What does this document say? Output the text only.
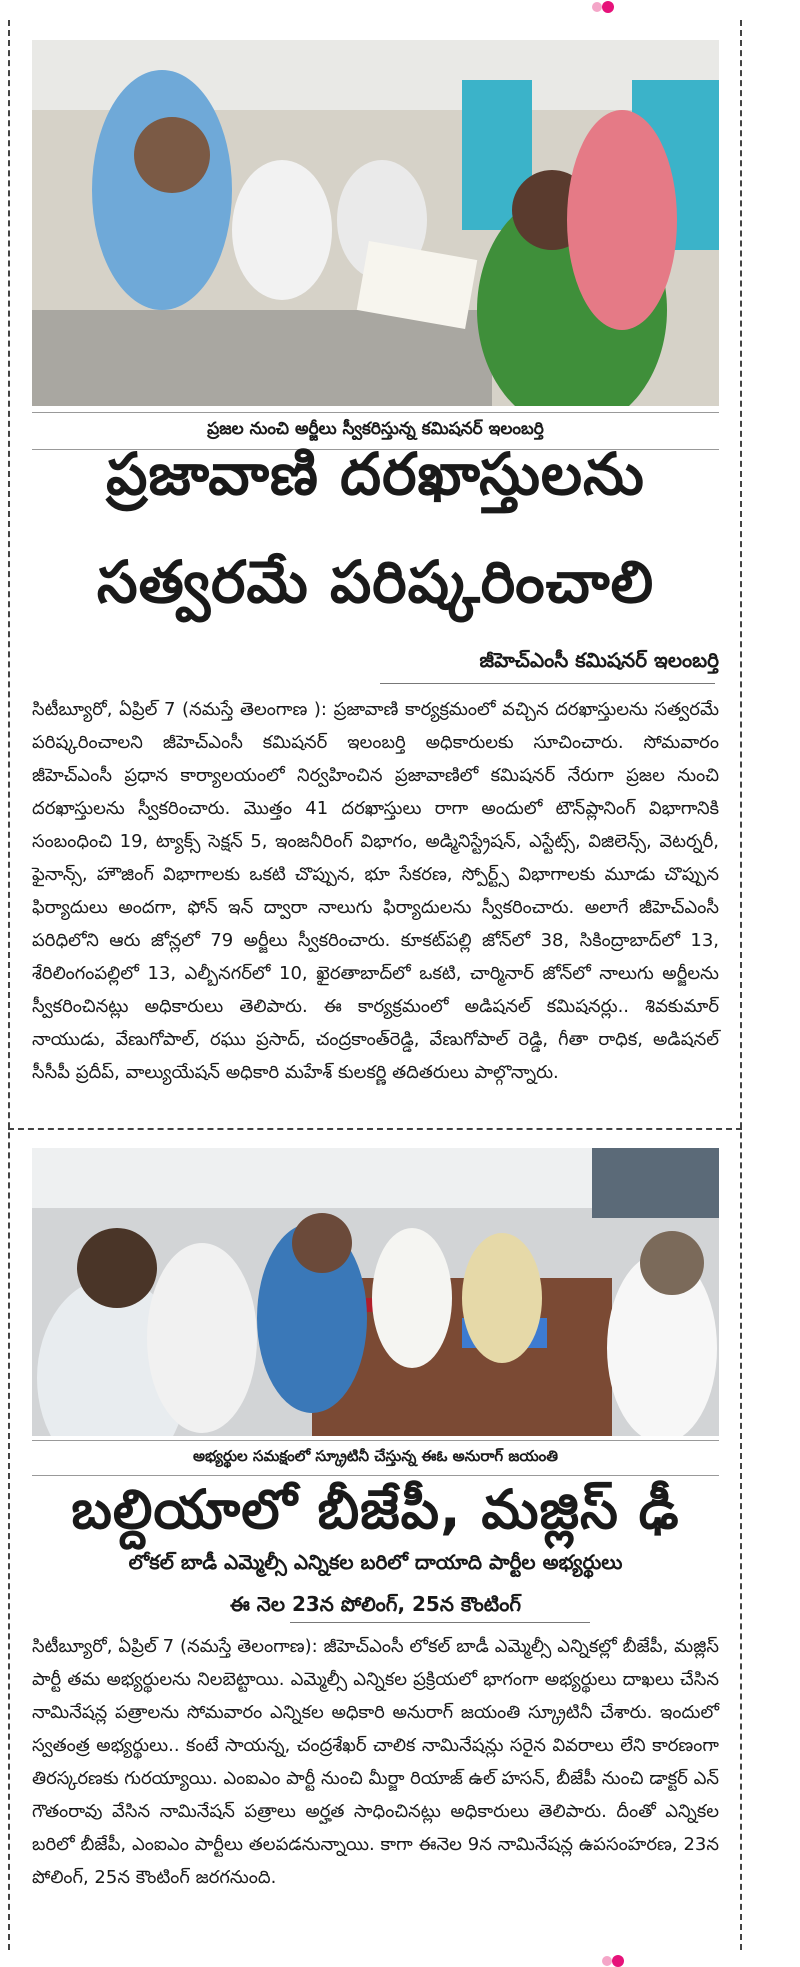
ప్రజల నుంచి అర్జీలు స్వీకరిస్తున్న కమిషనర్ ఇలంబర్తి
ప్రజావాణి దరఖాస్తులను
సత్వరమే పరిష్కరించాలి
జీహెచ్ఎంసీ కమిషనర్ ఇలంబర్తి
సిటీబ్యూరో, ఏప్రిల్ 7 (నమస్తే తెలంగాణ ): ప్రజావాణి కార్యక్రమంలో వచ్చిన దరఖాస్తులను సత్వరమే పరిష్కరించాలని జీహెచ్ఎంసీ కమిషనర్ ఇలంబర్తి అధికారులకు సూచించారు. సోమవారం జీహెచ్ఎంసీ ప్రధాన కార్యాలయంలో నిర్వహించిన ప్రజావాణిలో కమిషనర్ నేరుగా ప్రజల నుంచి దరఖాస్తులను స్వీకరించారు. మొత్తం 41 దరఖాస్తులు రాగా అందులో టౌన్‌ప్లానింగ్ విభాగానికి సంబంధించి 19, ట్యాక్స్ సెక్షన్ 5, ఇంజనీరింగ్ విభాగం, అడ్మినిస్ట్రేషన్, ఎస్టేట్స్, విజిలెన్స్, వెటర్నరీ, ఫైనాన్స్, హౌజింగ్ విభాగాలకు ఒకటి చొప్పున, భూ సేకరణ, స్పోర్ట్స్ విభాగాలకు మూడు చొప్పున ఫిర్యాదులు అందగా, ఫోన్ ఇన్ ద్వారా నాలుగు ఫిర్యాదులను స్వీకరించారు. అలాగే జీహెచ్ఎంసీ పరిధిలోని ఆరు జోన్లలో 79 అర్జీలు స్వీకరించారు. కూకట్‌పల్లి జోన్‌లో 38, సికింద్రాబాద్‌లో 13, శేరిలింగంపల్లిలో 13, ఎల్బీనగర్‌లో 10, ఖైరతాబాద్‌లో ఒకటి, చార్మినార్ జోన్‌లో నాలుగు అర్జీలను స్వీకరించినట్లు అధికారులు తెలిపారు. ఈ కార్యక్రమంలో అడిషనల్ కమిషనర్లు.. శివకుమార్ నాయుడు, వేణుగోపాల్, రఘు ప్రసాద్, చంద్రకాంత్‌రెడ్డి, వేణుగోపాల్ రెడ్డి, గీతా రాధిక, అడిషనల్ సీసీపీ ప్రదీప్, వాల్యుయేషన్ అధికారి మహేశ్ కులకర్ణి తదితరులు పాల్గొన్నారు.
అభ్యర్థుల సమక్షంలో స్క్రూటినీ చేస్తున్న ఈఓ అనురాగ్ జయంతి
బల్దియాలో బీజేపీ, మజ్లిస్ ఢీ
లోకల్ బాడీ ఎమ్మెల్సీ ఎన్నికల బరిలో దాయాది పార్టీల అభ్యర్థులు
ఈ నెల 23న పోలింగ్, 25న కౌంటింగ్
సిటీబ్యూరో, ఏప్రిల్ 7 (నమస్తే తెలంగాణ): జీహెచ్ఎంసీ లోకల్ బాడీ ఎమ్మెల్సీ ఎన్నికల్లో బీజేపీ, మజ్లిస్ పార్టీ తమ అభ్యర్థులను నిలబెట్టాయి. ఎమ్మెల్సీ ఎన్నికల ప్రక్రియలో భాగంగా అభ్యర్థులు దాఖలు చేసిన నామినేషన్ల పత్రాలను సోమవారం ఎన్నికల అధికారి అనురాగ్ జయంతి స్క్రూటినీ చేశారు. ఇందులో స్వతంత్ర అభ్యర్థులు.. కంటే సాయన్న, చంద్రశేఖర్ చాలిక నామినేషన్లు సరైన వివరాలు లేని కారణంగా తిరస్కరణకు గురయ్యాయి. ఎంఐఎం పార్టీ నుంచి మీర్జా రియాజ్ ఉల్ హసన్, బీజేపీ నుంచి డాక్టర్ ఎన్ గౌతంరావు వేసిన నామినేషన్ పత్రాలు అర్హత సాధించినట్లు అధికారులు తెలిపారు. దీంతో ఎన్నికల బరిలో బీజేపీ, ఎంఐఎం పార్టీలు తలపడనున్నాయి. కాగా ఈనెల 9న నామినేషన్ల ఉపసంహరణ, 23న పోలింగ్, 25న కౌంటింగ్ జరగనుంది.
